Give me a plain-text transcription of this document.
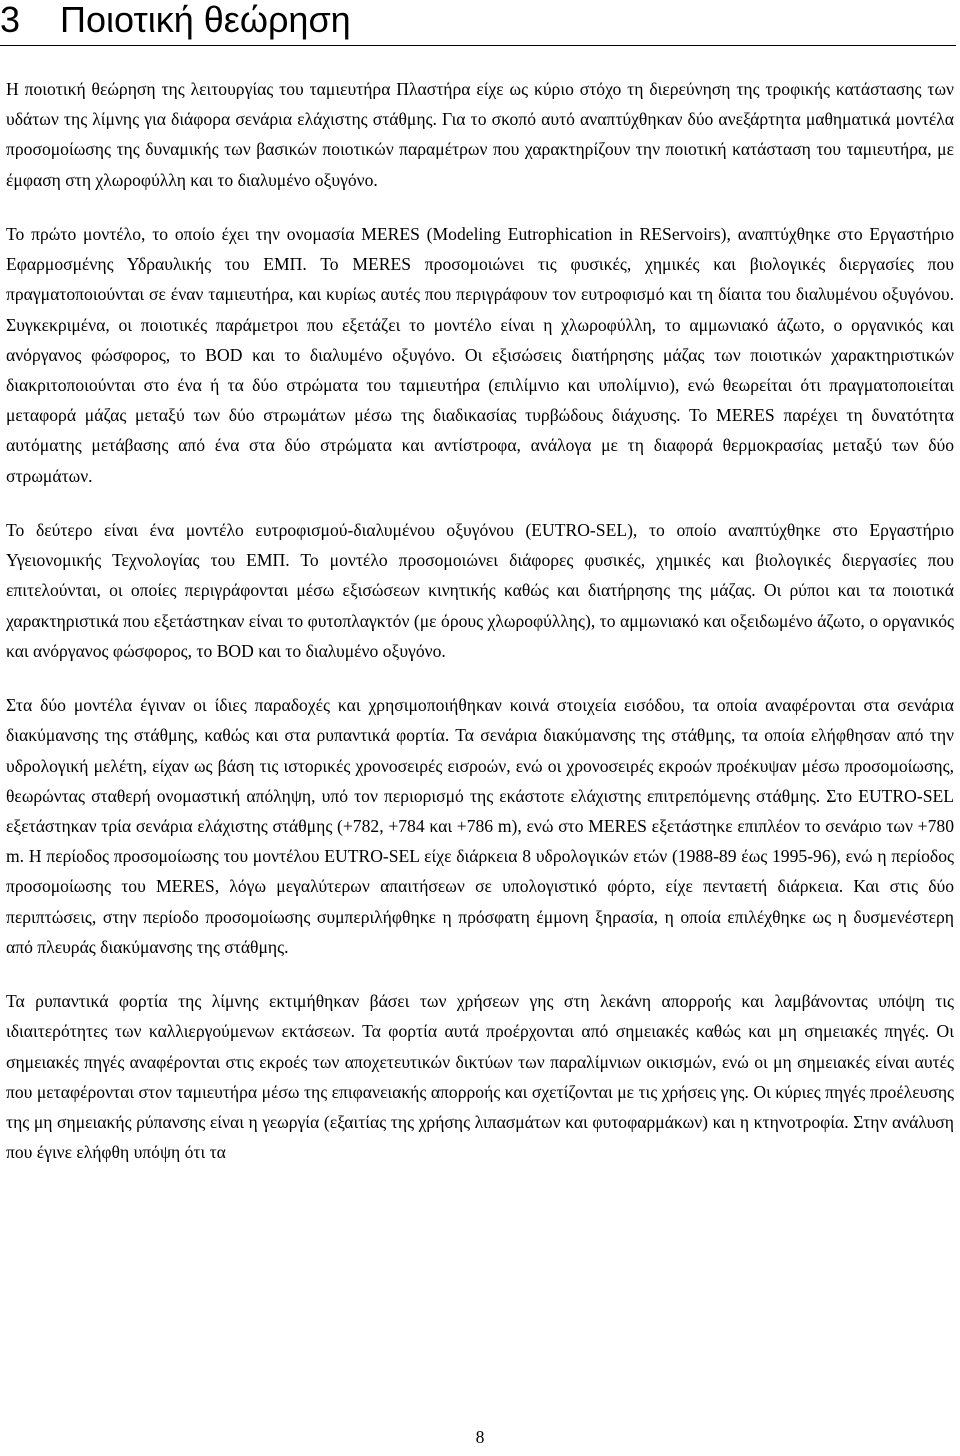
3 Ποιοτική θεώρηση

Η ποιοτική θεώρηση της λειτουργίας του ταμιευτήρα Πλαστήρα είχε ως κύριο στόχο τη διερεύνηση της τροφικής κατάστασης των υδάτων της λίμνης για διάφορα σενάρια ελάχιστης στάθμης. Για το σκοπό αυτό αναπτύχθηκαν δύο ανεξάρτητα μαθηματικά μοντέλα προσομοίωσης της δυναμικής των βασικών ποιοτικών παραμέτρων που χαρακτηρίζουν την ποιοτική κατάσταση του ταμιευτήρα, με έμφαση στη χλωροφύλλη και το διαλυμένο οξυγόνο.

Το πρώτο μοντέλο, το οποίο έχει την ονομασία MERES (Modeling Eutrophication in REServoirs), αναπτύχθηκε στο Εργαστήριο Εφαρμοσμένης Υδραυλικής του ΕΜΠ. Το MERES προσομοιώνει τις φυσικές, χημικές και βιολογικές διεργασίες που πραγματοποιούνται σε έναν ταμιευτήρα, και κυρίως αυτές που περιγράφουν τον ευτροφισμό και τη δίαιτα του διαλυμένου οξυγόνου. Συγκεκριμένα, οι ποιοτικές παράμετροι που εξετάζει το μοντέλο είναι η χλωροφύλλη, το αμμωνιακό άζωτο, ο οργανικός και ανόργανος φώσφορος, το BOD και το διαλυμένο οξυγόνο. Οι εξισώσεις διατήρησης μάζας των ποιοτικών χαρακτηριστικών διακριτοποιούνται στο ένα ή τα δύο στρώματα του ταμιευτήρα (επιλίμνιο και υπολίμνιο), ενώ θεωρείται ότι πραγματοποιείται μεταφορά μάζας μεταξύ των δύο στρωμάτων μέσω της διαδικασίας τυρβώδους διάχυσης. Το MERES παρέχει τη δυνατότητα αυτόματης μετάβασης από ένα στα δύο στρώματα και αντίστροφα, ανάλογα με τη διαφορά θερμοκρασίας μεταξύ των δύο στρωμάτων.

Το δεύτερο είναι ένα μοντέλο ευτροφισμού-διαλυμένου οξυγόνου (EUTRO-SEL), το οποίο αναπτύχθηκε στο Εργαστήριο Υγειονομικής Τεχνολογίας του ΕΜΠ. Το μοντέλο προσομοιώνει διάφορες φυσικές, χημικές και βιολογικές διεργασίες που επιτελούνται, οι οποίες περιγράφονται μέσω εξισώσεων κινητικής καθώς και διατήρησης της μάζας. Οι ρύποι και τα ποιοτικά χαρακτηριστικά που εξετάστηκαν είναι το φυτοπλαγκτόν (με όρους χλωροφύλλης), το αμμωνιακό και οξειδωμένο άζωτο, ο οργανικός και ανόργανος φώσφορος, το BOD και το διαλυμένο οξυγόνο.

Στα δύο μοντέλα έγιναν οι ίδιες παραδοχές και χρησιμοποιήθηκαν κοινά στοιχεία εισόδου, τα οποία αναφέρονται στα σενάρια διακύμανσης της στάθμης, καθώς και στα ρυπαντικά φορτία. Τα σενάρια διακύμανσης της στάθμης, τα οποία ελήφθησαν από την υδρολογική μελέτη, είχαν ως βάση τις ιστορικές χρονοσειρές εισροών, ενώ οι χρονοσειρές εκροών προέκυψαν μέσω προσομοίωσης, θεωρώντας σταθερή ονομαστική απόληψη, υπό τον περιορισμό της εκάστοτε ελάχιστης επιτρεπόμενης στάθμης. Στο EUTRO-SEL εξετάστηκαν τρία σενάρια ελάχιστης στάθμης (+782, +784 και +786 m), ενώ στο MERES εξετάστηκε επιπλέον το σενάριο των +780 m. Η περίοδος προσομοίωσης του μοντέλου EUTRO-SEL είχε διάρκεια 8 υδρολογικών ετών (1988-89 έως 1995-96), ενώ η περίοδος προσομοίωσης του MERES, λόγω μεγαλύτερων απαιτήσεων σε υπολογιστικό φόρτο, είχε πενταετή διάρκεια. Και στις δύο περιπτώσεις, στην περίοδο προσομοίωσης συμπεριλήφθηκε η πρόσφατη έμμονη ξηρασία, η οποία επιλέχθηκε ως η δυσμενέστερη από πλευράς διακύμανσης της στάθμης.

Τα ρυπαντικά φορτία της λίμνης εκτιμήθηκαν βάσει των χρήσεων γης στη λεκάνη απορροής και λαμβάνοντας υπόψη τις ιδιαιτερότητες των καλλιεργούμενων εκτάσεων. Τα φορτία αυτά προέρχονται από σημειακές καθώς και μη σημειακές πηγές. Οι σημειακές πηγές αναφέρονται στις εκροές των αποχετευτικών δικτύων των παραλίμνιων οικισμών, ενώ οι μη σημειακές είναι αυτές που μεταφέρονται στον ταμιευτήρα μέσω της επιφανειακής απορροής και σχετίζονται με τις χρήσεις γης. Οι κύριες πηγές προέλευσης της μη σημειακής ρύπανσης είναι η γεωργία (εξαιτίας της χρήσης λιπασμάτων και φυτοφαρμάκων) και η κτηνοτροφία. Στην ανάλυση που έγινε ελήφθη υπόψη ότι τα

8
